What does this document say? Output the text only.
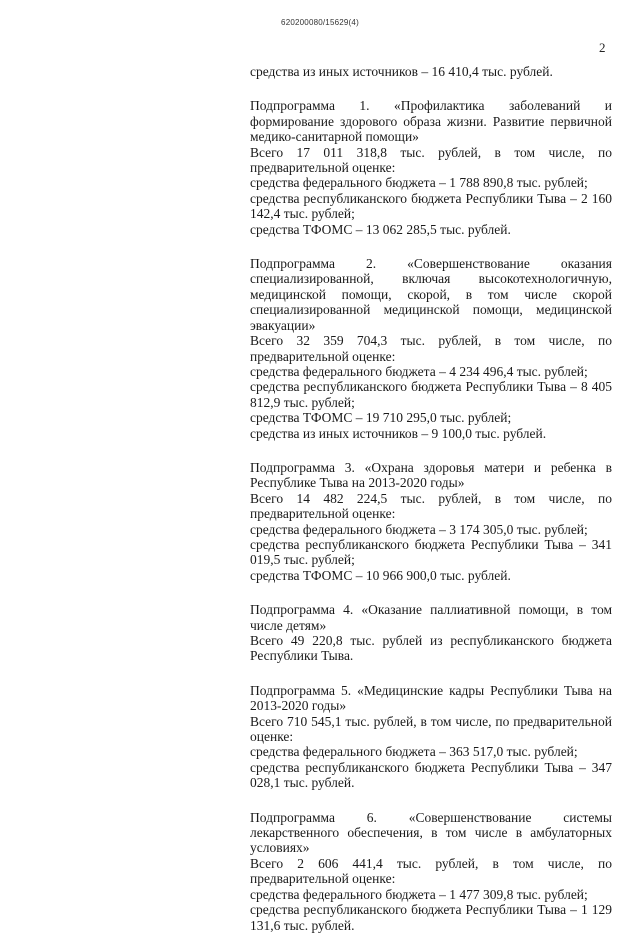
620200080/15629(4)
2

средства из иных источников – 16 410,4 тыс. рублей.

Подпрограмма 1. «Профилактика заболеваний и формирование здорового образа жизни. Развитие первичной медико-санитарной помощи»

Всего 17 011 318,8 тыс. рублей, в том числе, по предварительной оценке:

средства федерального бюджета – 1 788 890,8 тыс. рублей;

средства республиканского бюджета Республики Тыва – 2 160 142,4 тыс. рублей;

средства ТФОМС – 13 062 285,5 тыс. рублей.

Подпрограмма 2. «Совершенствование оказания специализированной, включая высокотехнологичную, медицинской помощи, скорой, в том числе скорой специализированной медицинской помощи, медицинской эвакуации»

Всего 32 359 704,3 тыс. рублей, в том числе, по предварительной оценке:

средства федерального бюджета – 4 234 496,4 тыс. рублей;

средства республиканского бюджета Республики Тыва – 8 405 812,9 тыс. рублей;

средства ТФОМС – 19 710 295,0 тыс. рублей;

средства из иных источников – 9 100,0 тыс. рублей.

Подпрограмма 3. «Охрана здоровья матери и ребенка в Республике Тыва на 2013-2020 годы»

Всего 14 482 224,5 тыс. рублей, в том числе, по предварительной оценке:

средства федерального бюджета – 3 174 305,0 тыс. рублей;

средства республиканского бюджета Республики Тыва – 341 019,5 тыс. рублей;

средства ТФОМС – 10 966 900,0 тыс. рублей.

Подпрограмма 4. «Оказание паллиативной помощи, в том числе детям»

Всего 49 220,8 тыс. рублей из республиканского бюджета Республики Тыва.

Подпрограмма 5. «Медицинские кадры Республики Тыва на 2013-2020 годы»

Всего 710 545,1 тыс. рублей, в том числе, по предварительной оценке:

средства федерального бюджета – 363 517,0 тыс. рублей;

средства республиканского бюджета Республики Тыва – 347 028,1 тыс. рублей.

Подпрограмма 6. «Совершенствование системы лекарственного обеспечения, в том числе в амбулаторных условиях»

Всего 2 606 441,4 тыс. рублей, в том числе, по предварительной оценке:

средства федерального бюджета – 1 477 309,8 тыс. рублей;

средства республиканского бюджета Республики Тыва – 1 129 131,6 тыс. рублей.
